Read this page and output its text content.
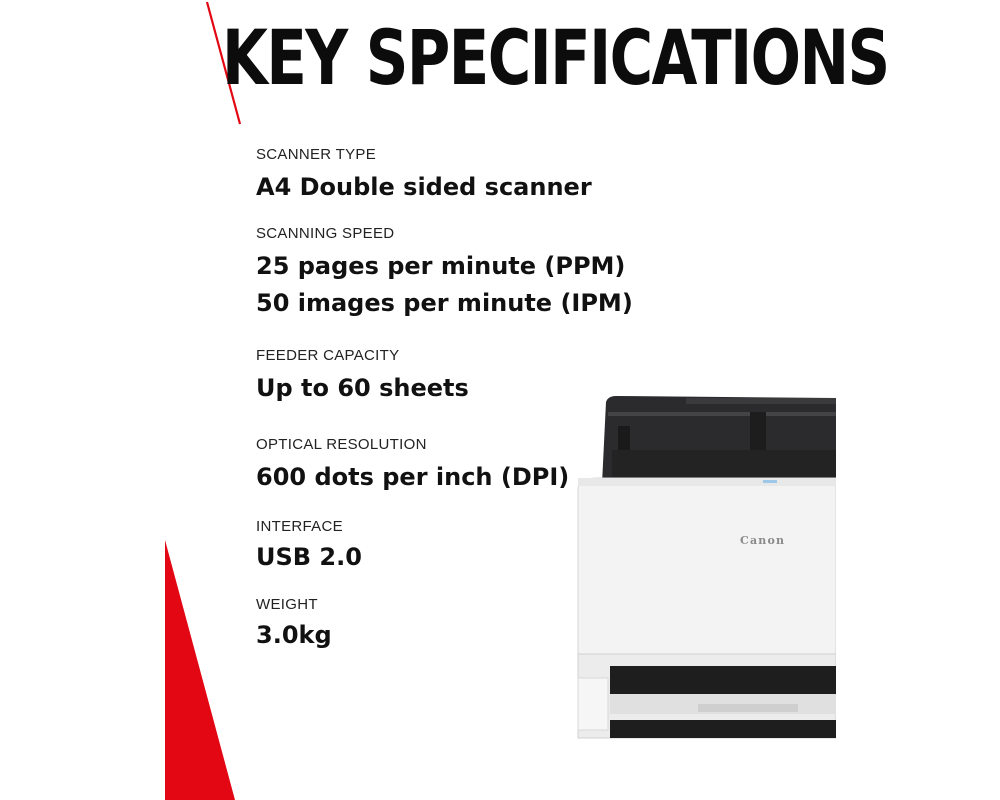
KEY SPECIFICATIONS
SCANNER TYPE
A4 Double sided scanner
SCANNING SPEED
25 pages per minute (PPM)
50 images per minute (IPM)
FEEDER CAPACITY
Up to 60 sheets
OPTICAL RESOLUTION
600 dots per inch (DPI)
INTERFACE
USB 2.0
WEIGHT
3.0kg
Canon
